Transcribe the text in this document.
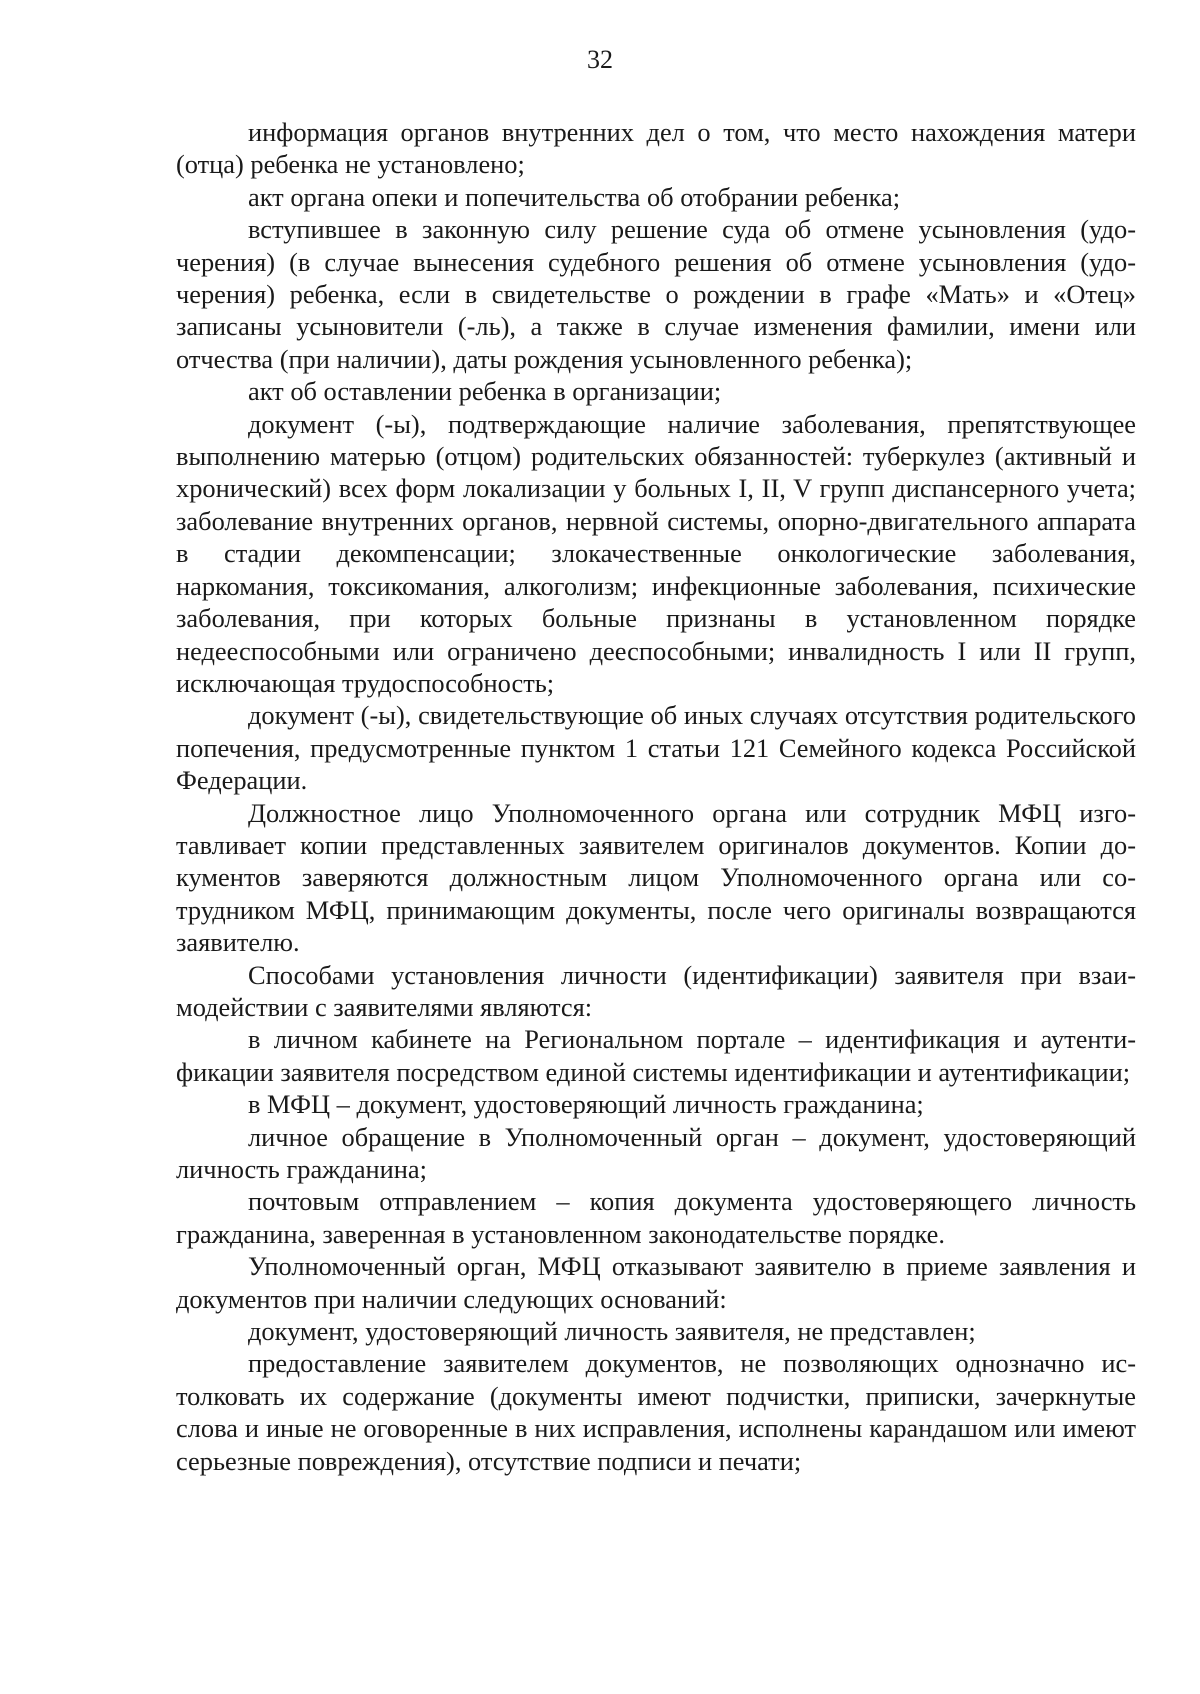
32

информация органов внутренних дел о том, что место нахождения матери (отца) ребенка не установлено;

акт органа опеки и попечительства об отобрании ребенка;

вступившее в законную силу решение суда об отмене усыновления (удочерения) (в случае вынесения судебного решения об отмене усыновления (удочерения) ребенка, если в свидетельстве о рождении в графе «Мать» и «Отец» записаны усыновители (-ль), а также в случае изменения фамилии, имени или отчества (при наличии), даты рождения усыновленного ребенка);

акт об оставлении ребенка в организации;

документ (-ы), подтверждающие наличие заболевания, препятствующее выполнению матерью (отцом) родительских обязанностей: туберкулез (активный и хронический) всех форм локализации у больных I, II, V групп диспансерного учета; заболевание внутренних органов, нервной системы, опорно-двигательного аппарата в стадии декомпенсации; злокачественные онкологические заболевания, наркомания, токсикомания, алкоголизм; инфекционные заболевания, психические заболевания, при которых больные признаны в установленном порядке недееспособными или ограничено дееспособными; инвалидность I или II групп, исключающая трудоспособность;

документ (-ы), свидетельствующие об иных случаях отсутствия родительского попечения, предусмотренные пунктом 1 статьи 121 Семейного кодекса Российской Федерации.

Должностное лицо Уполномоченного органа или сотрудник МФЦ изготавливает копии представленных заявителем оригиналов документов. Копии документов заверяются должностным лицом Уполномоченного органа или сотрудником МФЦ, принимающим документы, после чего оригиналы возвращаются заявителю.

Способами установления личности (идентификации) заявителя при взаимодействии с заявителями являются:

в личном кабинете на Региональном портале – идентификация и аутентификации заявителя посредством единой системы идентификации и аутентификации;

в МФЦ – документ, удостоверяющий личность гражданина;

личное обращение в Уполномоченный орган – документ, удостоверяющий личность гражданина;

почтовым отправлением – копия документа удостоверяющего личность гражданина, заверенная в установленном законодательстве порядке.

Уполномоченный орган, МФЦ отказывают заявителю в приеме заявления и документов при наличии следующих оснований:

документ, удостоверяющий личность заявителя, не представлен;

предоставление заявителем документов, не позволяющих однозначно истолковать их содержание (документы имеют подчистки, приписки, зачеркнутые слова и иные не оговоренные в них исправления, исполнены карандашом или имеют серьезные повреждения), отсутствие подписи и печати;
